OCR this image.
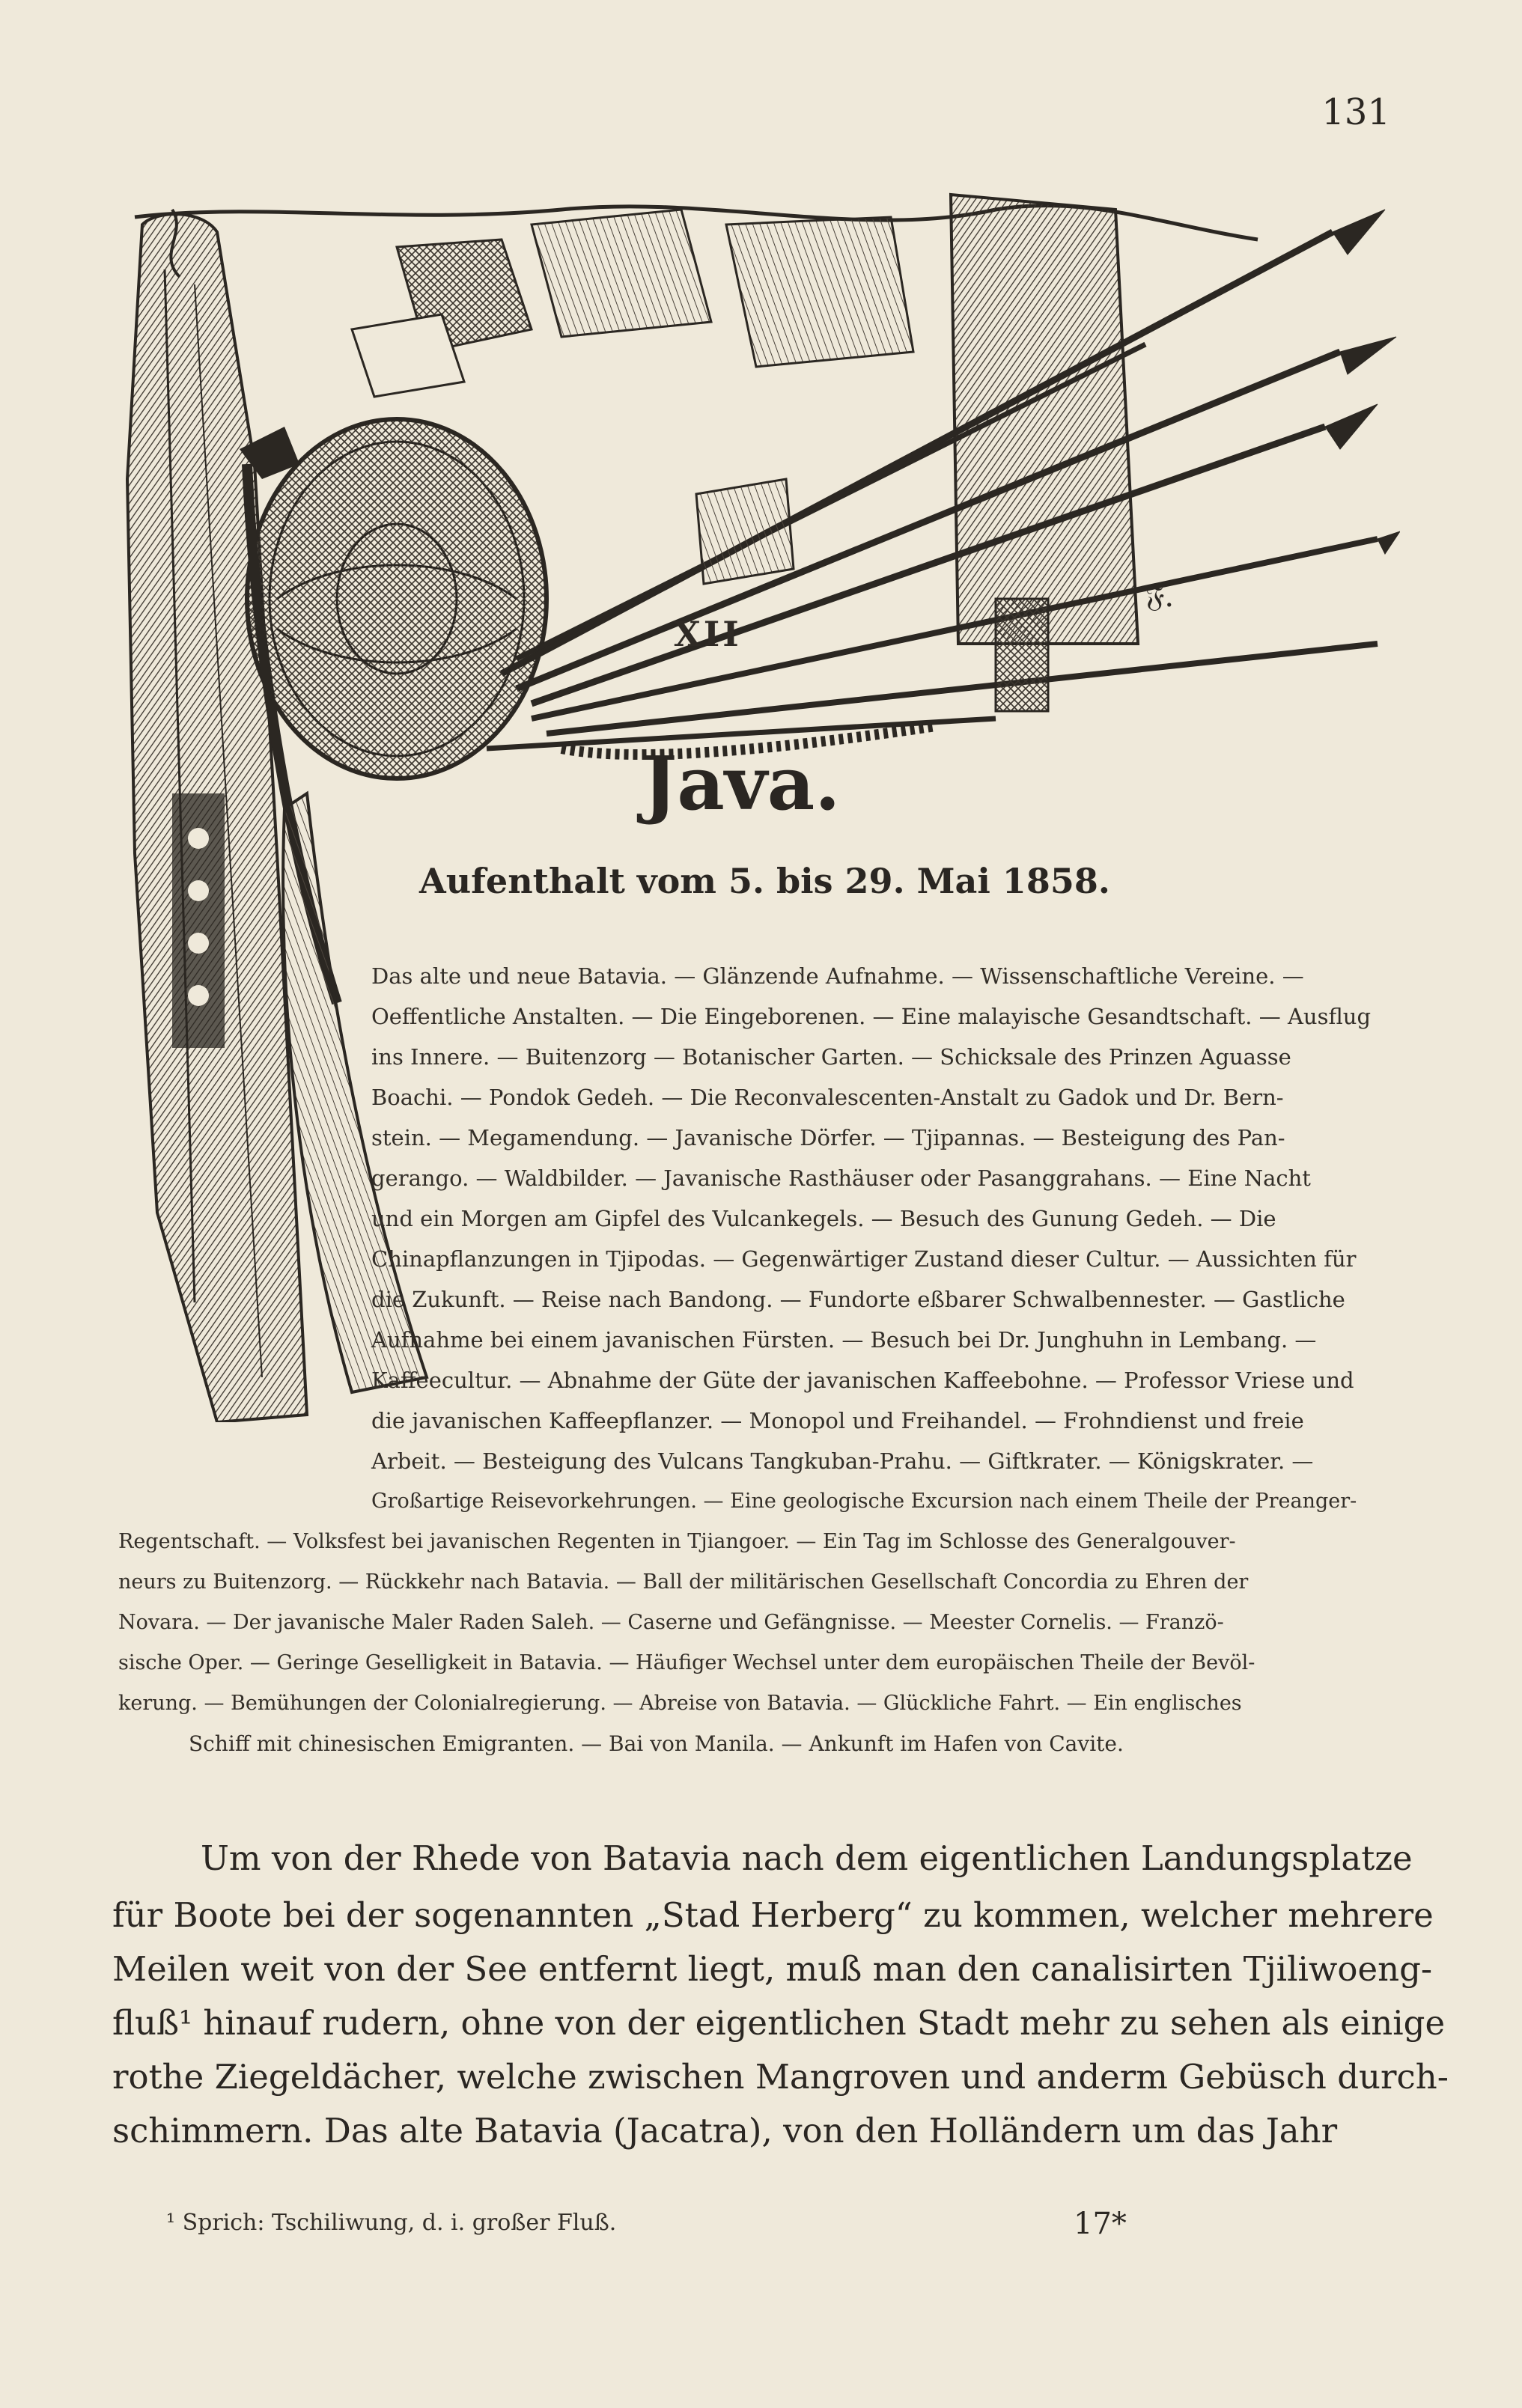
131
𝔉.
XII
Java.
Aufenthalt vom 5. bis 29. Mai 1858.
Das alte und neue Batavia. — Glänzende Aufnahme. — Wissenschaftliche Vereine. —
Oeffentliche Anstalten. — Die Eingeborenen. — Eine malayische Gesandtschaft. — Ausflug
ins Innere. — Buitenzorg — Botanischer Garten. — Schicksale des Prinzen Aguasse
Boachi. — Pondok Gedeh. — Die Reconvalescenten-Anstalt zu Gadok und Dr. Bern-
stein. — Megamendung. — Javanische Dörfer. — Tjipannas. — Besteigung des Pan-
gerango. — Waldbilder. — Javanische Rasthäuser oder Pasanggrahans. — Eine Nacht
und ein Morgen am Gipfel des Vulcankegels. — Besuch des Gunung Gedeh. — Die
Chinapflanzungen in Tjipodas. — Gegenwärtiger Zustand dieser Cultur. — Aussichten für
die Zukunft. — Reise nach Bandong. — Fundorte eßbarer Schwalbennester. — Gastliche
Aufnahme bei einem javanischen Fürsten. — Besuch bei Dr. Junghuhn in Lembang. —
Kaffeecultur. — Abnahme der Güte der javanischen Kaffeebohne. — Professor Vriese und
die javanischen Kaffeepflanzer. — Monopol und Freihandel. — Frohndienst und freie
Arbeit. — Besteigung des Vulcans Tangkuban-Prahu. — Giftkrater. — Königskrater. —
Großartige Reisevorkehrungen. — Eine geologische Excursion nach einem Theile der Preanger-
Regentschaft. — Volksfest bei javanischen Regenten in Tjiangoer. — Ein Tag im Schlosse des Generalgouver-
neurs zu Buitenzorg. — Rückkehr nach Batavia. — Ball der militärischen Gesellschaft Concordia zu Ehren der
Novara. — Der javanische Maler Raden Saleh. — Caserne und Gefängnisse. — Meester Cornelis. — Franzö-
sische Oper. — Geringe Geselligkeit in Batavia. — Häufiger Wechsel unter dem europäischen Theile der Bevöl-
kerung. — Bemühungen der Colonialregierung. — Abreise von Batavia. — Glückliche Fahrt. — Ein englisches
Schiff mit chinesischen Emigranten. — Bai von Manila. — Ankunft im Hafen von Cavite.
Um von der Rhede von Batavia nach dem eigentlichen Landungsplatze
für Boote bei der sogenannten „Stad Herberg“ zu kommen, welcher mehrere
Meilen weit von der See entfernt liegt, muß man den canalisirten Tjiliwoeng-
fluß¹ hinauf rudern, ohne von der eigentlichen Stadt mehr zu sehen als einige
rothe Ziegeldächer, welche zwischen Mangroven und anderm Gebüsch durch-
schimmern. Das alte Batavia (Jacatra), von den Holländern um das Jahr
¹ Sprich: Tschiliwung, d. i. großer Fluß.	17*
